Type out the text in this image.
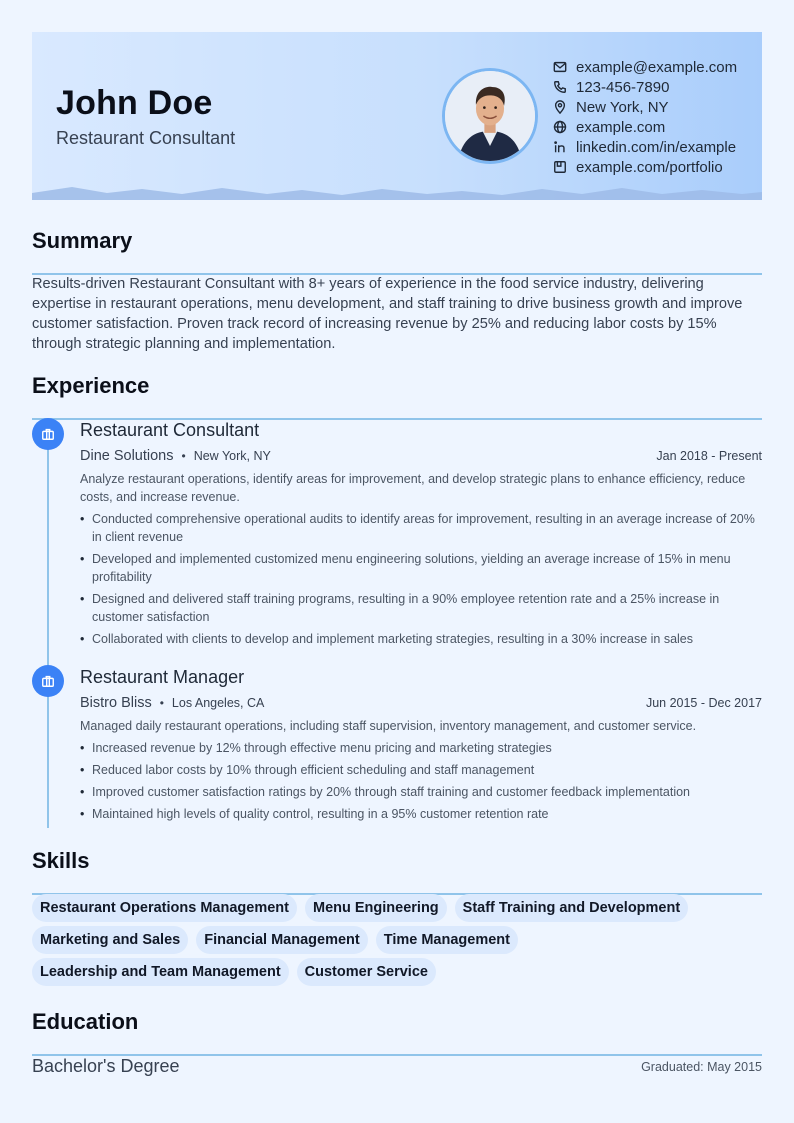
John Doe
Restaurant Consultant
example@example.com
123-456-7890
New York, NY
example.com
linkedin.com/in/example
example.com/portfolio
Summary

Results-driven Restaurant Consultant with 8+ years of experience in the food service industry, delivering expertise in restaurant operations, menu development, and staff training to drive business growth and improve customer satisfaction. Proven track record of increasing revenue by 25% and reducing labor costs by 15% through strategic planning and implementation.

Experience
Restaurant Consultant
Dine Solutions • New York, NY	Jan 2018 - Present
Analyze restaurant operations, identify areas for improvement, and develop strategic plans to enhance efficiency, reduce costs, and increase revenue.
• Conducted comprehensive operational audits to identify areas for improvement, resulting in an average increase of 20% in client revenue
• Developed and implemented customized menu engineering solutions, yielding an average increase of 15% in menu profitability
• Designed and delivered staff training programs, resulting in a 90% employee retention rate and a 25% increase in customer satisfaction
• Collaborated with clients to develop and implement marketing strategies, resulting in a 30% increase in sales
Restaurant Manager
Bistro Bliss • Los Angeles, CA	Jun 2015 - Dec 2017
Managed daily restaurant operations, including staff supervision, inventory management, and customer service.
• Increased revenue by 12% through effective menu pricing and marketing strategies
• Reduced labor costs by 10% through efficient scheduling and staff management
• Improved customer satisfaction ratings by 20% through staff training and customer feedback implementation
• Maintained high levels of quality control, resulting in a 95% customer retention rate
Skills
Restaurant Operations Management	Menu Engineering	Staff Training and Development
Marketing and Sales	Financial Management	Time Management
Leadership and Team Management	Customer Service
Education
Bachelor's Degree	Graduated: May 2015
